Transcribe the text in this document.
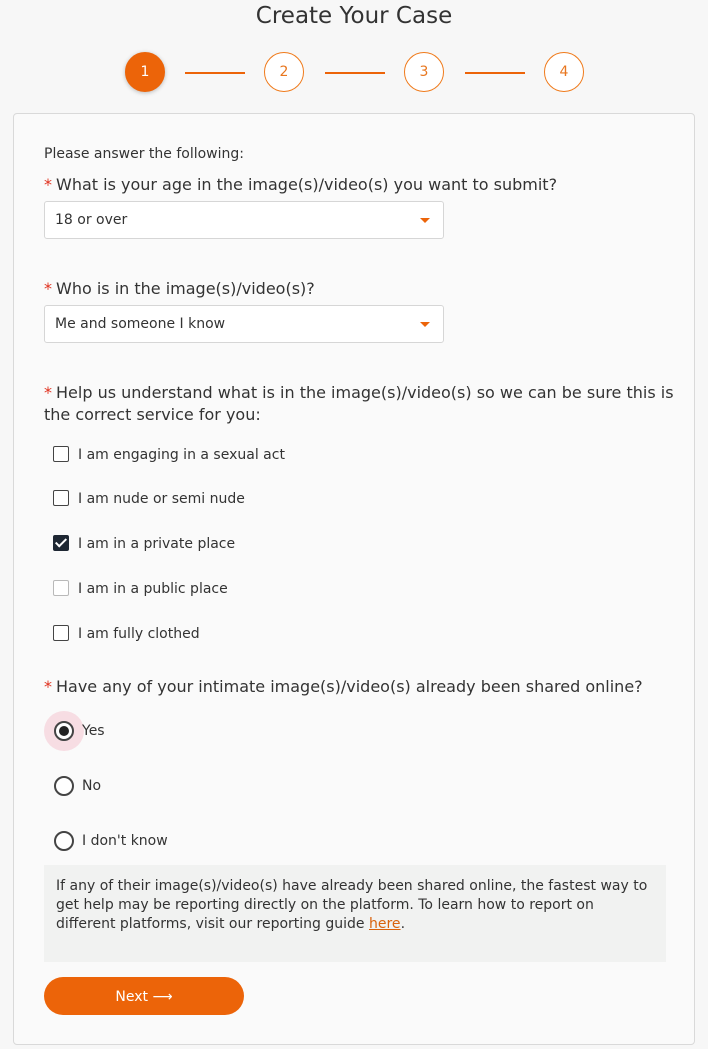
Create Your Case
1	2	3	4
Please answer the following:
* What is your age in the image(s)/video(s) you want to submit?
18 or over
* Who is in the image(s)/video(s)?
Me and someone I know
* Help us understand what is in the image(s)/video(s) so we can be sure this is the correct service for you:
I am engaging in a sexual act
I am nude or semi nude
I am in a private place
I am in a public place
I am fully clothed
* Have any of your intimate image(s)/video(s) already been shared online?
Yes
No
I don't know
If any of their image(s)/video(s) have already been shared online, the fastest way to get help may be reporting directly on the platform. To learn how to report on different platforms, visit our reporting guide here.
Next ⟶
